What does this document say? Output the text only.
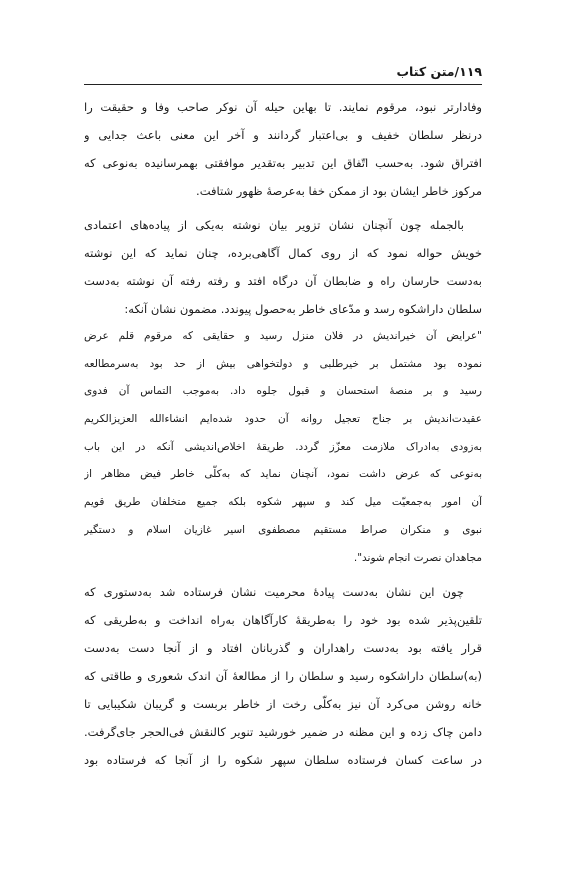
۱۱۹/متن کتاب
وفادارتر نبود، مرقوم نمایند. تا بهاین حیله آن نوکر صاحب وفا و حقیقت را
درنظر سلطان خفیف و بی‌اعتبار گردانند و آخر این معنی باعث جدایی و
افتراق شود. به‌حسب اتّفاق این تدبیر به‌تقدیر موافقتی بهمرسانیده به‌نوعی که
مرکوز خاطر ایشان بود از ممکن خفا به‌عرصهٔ ظهور شتافت.
بالجمله چون آنچنان نشان تزویر بیان نوشته به‌یکی از پیاده‌های اعتمادی
خویش حواله نمود که از روی کمال آگاهی‌برده، چنان نماید که این نوشته
به‌دست حارسان راه و ضابطان آن درگاه افتد و رفته رفته آن نوشته به‌دست
سلطان داراشکوه رسد و مدّعای خاطر به‌حصول پیوندد. مضمون نشان آنکه:
"عرایض آن خیراندیش در فلان منزل رسید و حقایقی که مرقوم قلم عرض
نموده بود مشتمل بر خیرطلبی و دولتخواهی بیش از حد بود به‌سرمطالعه
رسید و بر منصهٔ استحسان و قبول جلوه داد. به‌موجب التماس آن فدوی
عقیدت‌اندیش بر جناح تعجیل روانه آن حدود شده‌ایم انشاءالله العزیزالکریم
به‌زودی به‌ادراک ملازمت معزّز گردد. طریقهٔ اخلاص‌اندیشی آنکه در این باب
به‌نوعی که عرض داشت نمود، آنچنان نماید که به‌کلّی خاطر فیض مظاهر از
آن امور به‌جمعیّت میل کند و سپهر شکوه بلکه جمیع متخلفان طریق قویم
نبوی و منکران صراط مستقیم مصطفوی اسیر غازیان اسلام و دستگیر
مجاهدان نصرت انجام شوند".
چون این نشان به‌دست پیادهٔ محرمیت نشان فرستاده شد به‌دستوری که
تلقین‌پذیر شده بود خود را به‌طریقهٔ کارآگاهان به‌راه انداخت و به‌طریقی که
قرار یافته بود به‌دست راهداران و گذربانان افتاد و از آنجا دست به‌دست
(به)سلطان داراشکوه رسید و سلطان را از مطالعهٔ آن اندک شعوری و طاقتی که
خانه روشن می‌کرد آن نیز به‌کلّی رخت از خاطر بربست و گریبان شکیبایی تا
دامن چاک زده و این مظنه در ضمیر خورشید تنویر کالنقش فی‌الحجر جای‌گرفت.
در ساعت کسان فرستاده سلطان سپهر شکوه را از آنجا که فرستاده بود
